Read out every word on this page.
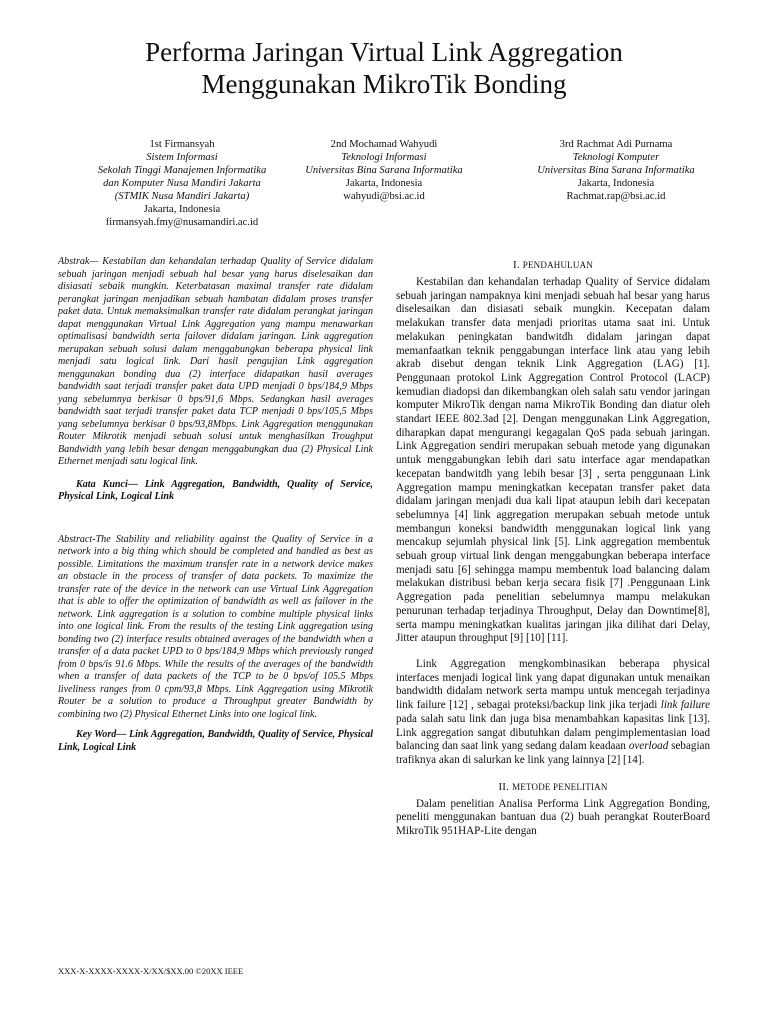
Performa Jaringan Virtual Link Aggregation
Menggunakan MikroTik Bonding
1st Firmansyah
Sistem Informasi
Sekolah Tinggi Manajemen Informatika
dan Komputer Nusa Mandiri Jakarta
(STMIK Nusa Mandiri Jakarta)
Jakarta, Indonesia
firmansyah.fmy@nusamandiri.ac.id
2nd Mochamad Wahyudi
Teknologi Informasi
Universitas Bina Sarana Informatika
Jakarta, Indonesia
wahyudi@bsi.ac.id
3rd Rachmat Adi Purnama
Teknologi Komputer
Universitas Bina Sarana Informatika
Jakarta, Indonesia
Rachmat.rap@bsi.ac.id

Abstrak— Kestabilan dan kehandalan terhadap Quality of Service didalam sebuah jaringan menjadi sebuah hal besar yang harus diselesaikan dan disiasati sebaik mungkin. Keterbatasan maximal transfer rate didalam perangkat jaringan menjadikan sebuah hambatan didalam proses transfer paket data. Untuk memaksimalkan transfer rate didalam perangkat jaringan dapat menggunakan Virtual Link Aggregation yang mampu menawarkan optimalisasi bandwidth serta failover didalam jaringan. Link aggregation merupakan sebuah solusi dalam menggabungkan beberapa physical link menjadi satu logical link. Dari hasil pengujian Link aggregation menggunakan bonding dua (2) interface didapatkan hasil averages bandwidth saat terjadi transfer paket data UPD menjadi 0 bps/184,9 Mbps yang sebelumnya berkisar 0 bps/91,6 Mbps. Sedangkan hasil averages bandwidth saat terjadi transfer paket data TCP menjadi 0 bps/105,5 Mbps yang sebelumnya berkisar 0 bps/93,8Mbps. Link Aggregation menggunakan Router Mikrotik menjadi sebuah solusi untuk menghasilkan Troughput Bandwidth yang lebih besar dengan menggabungkan dua (2) Physical Link Ethernet menjadi satu logical link.

Kata Kunci— Link Aggregation, Bandwidth, Quality of Service, Physical Link, Logical Link

Abstract-The Stability and reliability against the Quality of Service in a network into a big thing which should be completed and handled as best as possible. Limitations the maximum transfer rate in a network device makes an obstacle in the process of transfer of data packets. To maximize the transfer rate of the device in the network can use Virtual Link Aggregation that is able to offer the optimization of bandwidth as well as failover in the network. Link aggregation is a solution to combine multiple physical links into one logical link. From the results of the testing Link aggregation using bonding two (2) interface results obtained averages of the bandwidth when a transfer of a data packet UPD to 0 bps/184,9 Mbps which previously ranged from 0 bps/is 91.6 Mbps. While the results of the averages of the bandwidth when a transfer of data packets of the TCP to be 0 bps/of 105.5 Mbps liveliness ranges from 0 cpm/93,8 Mbps. Link Aggregation using Mikrotik Router be a solution to produce a Throughput greater Bandwidth by combining two (2) Physical Ethernet Links into one logical link.

Key Word— Link Aggregation, Bandwidth, Quality of Service, Physical Link, Logical Link

I. PENDAHULUAN

Kestabilan dan kehandalan terhadap Quality of Service didalam sebuah jaringan nampaknya kini menjadi sebuah hal besar yang harus diselesaikan dan disiasati sebaik mungkin. Kecepatan dalam melakukan transfer data menjadi prioritas utama saat ini. Untuk melakukan peningkatan bandwitdh didalam jaringan dapat memanfaatkan teknik penggabungan interface link atau yang lebih akrab disebut dengan teknik Link Aggregation (LAG) [1]. Penggunaan protokol Link Aggregation Control Protocol (LACP) kemudian diadopsi dan dikembangkan oleh salah satu vendor jaringan komputer MikroTik dengan nama MikroTik Bonding dan diatur oleh standart IEEE 802.3ad [2]. Dengan menggunakan Link Aggregation, diharapkan dapat mengurangi kegagalan QoS pada sebuah jaringan. Link Aggregation sendiri merupakan sebuah metode yang digunakan untuk menggabungkan lebih dari satu interface agar mendapatkan kecepatan bandwitdh yang lebih besar [3] , serta penggunaan Link Aggregation mampu meningkatkan kecepatan transfer paket data didalam jaringan menjadi dua kali lipat ataupun lebih dari kecepatan sebelumnya [4] link aggregation merupakan sebuah metode untuk membangun koneksi bandwidth menggunakan logical link yang mencakup sejumlah physical link [5]. Link aggregation membentuk sebuah group virtual link dengan menggabungkan beberapa interface menjadi satu [6] sehingga mampu membentuk load balancing dalam melakukan distribusi beban kerja secara fisik [7] .Penggunaan Link Aggregation pada penelitian sebelumnya mampu melakukan penurunan terhadap terjadinya Throughput, Delay dan Downtime[8], serta mampu meningkatkan kualitas jaringan jika dilihat dari Delay, Jitter ataupun throughput [9] [10] [11].

Link Aggregation mengkombinasikan beberapa physical interfaces menjadi logical link yang dapat digunakan untuk menaikan bandwidth didalam network serta mampu untuk mencegah terjadinya link failure [12] , sebagai proteksi/backup link jika terjadi link failure pada salah satu link dan juga bisa menambahkan kapasitas link [13]. Link aggregation sangat dibutuhkan dalam pengimplementasian load balancing dan saat link yang sedang dalam keadaan overload sebagian trafiknya akan di salurkan ke link yang lainnya [2] [14].

II. METODE PENELITIAN

Dalam penelitian Analisa Performa Link Aggregation Bonding, peneliti menggunakan bantuan dua (2) buah perangkat RouterBoard MikroTik 951HAP-Lite dengan

XXX-X-XXXX-XXXX-X/XX/$XX.00 ©20XX IEEE
